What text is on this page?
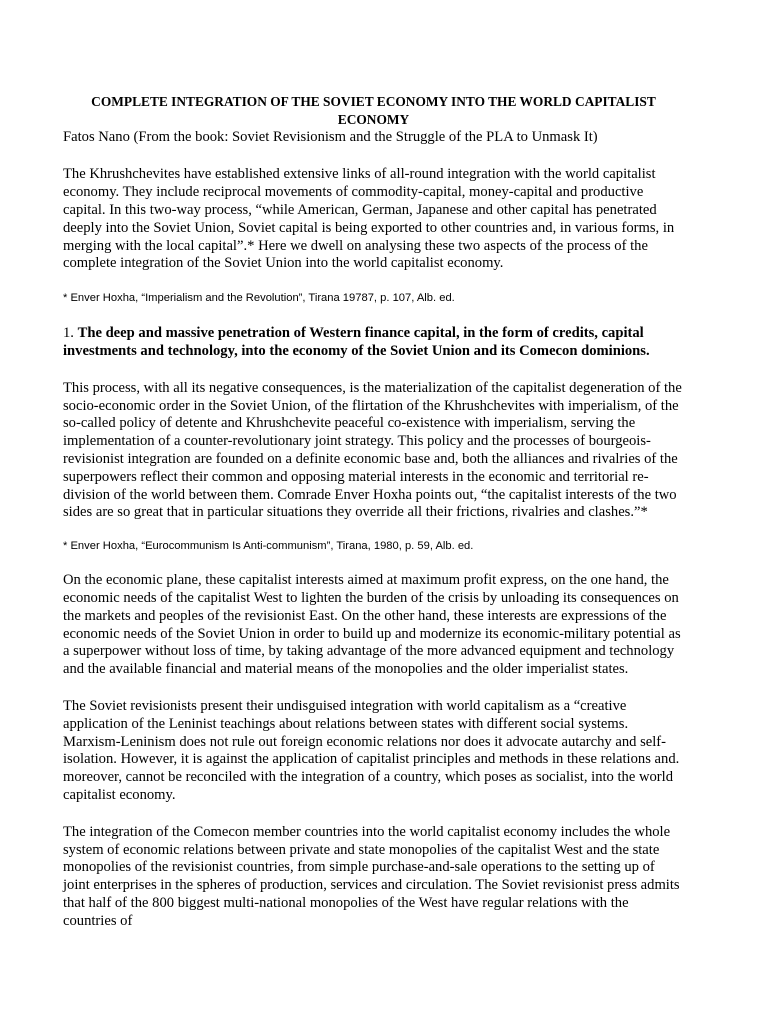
COMPLETE INTEGRATION OF THE SOVIET ECONOMY INTO THE WORLD CAPITALIST ECONOMY

Fatos Nano (From the book: Soviet Revisionism and the Struggle of the PLA to Unmask It)

The Khrushchevites have established extensive links of all-round integration with the world capitalist economy. They include reciprocal movements of commodity-capital, money-capital and productive capital. In this two-way process, “while American, German, Japanese and other capital has penetrated deeply into the Soviet Union, Soviet capital is being exported to other countries and, in various forms, in merging with the local capital”.* Here we dwell on analysing these two aspects of the process of the complete integration of the Soviet Union into the world capitalist economy.

* Enver Hoxha, “Imperialism and the Revolution”, Tirana 19787, p. 107, Alb. ed.

1. The deep and massive penetration of Western finance capital, in the form of credits, capital investments and technology, into the economy of the Soviet Union and its Comecon dominions.

This process, with all its negative consequences, is the materialization of the capitalist degeneration of the socio-economic order in the Soviet Union, of the flirtation of the Khrushchevites with imperialism, of the so-called policy of detente and Khrushchevite peaceful co-existence with imperialism, serving the implementation of a counter-revolutionary joint strategy. This policy and the processes of bourgeois-revisionist integration are founded on a definite economic base and, both the alliances and rivalries of the superpowers reflect their common and opposing material interests in the economic and territorial re-division of the world between them. Comrade Enver Hoxha points out, “the capitalist interests of the two sides are so great that in particular situations they override all their frictions, rivalries and clashes.”*

* Enver Hoxha, “Eurocommunism Is Anti-communism”, Tirana, 1980, p. 59, Alb. ed.

On the economic plane, these capitalist interests aimed at maximum profit express, on the one hand, the economic needs of the capitalist West to lighten the burden of the crisis by unloading its consequences on the markets and peoples of the revisionist East. On the other hand, these interests are expressions of the economic needs of the Soviet Union in order to build up and modernize its economic-military potential as a superpower without loss of time, by taking advantage of the more advanced equipment and technology and the available financial and material means of the monopolies and the older imperialist states.

The Soviet revisionists present their undisguised integration with world capitalism as a “creative application of the Leninist teachings about relations between states with different social systems. Marxism-Leninism does not rule out foreign economic relations nor does it advocate autarchy and self-isolation. However, it is against the application of capitalist principles and methods in these relations and. moreover, cannot be reconciled with the integration of a country, which poses as socialist, into the world capitalist economy.

The integration of the Comecon member countries into the world capitalist economy includes the whole system of economic relations between private and state monopolies of the capitalist West and the state monopolies of the revisionist countries, from simple purchase-and-sale operations to the setting up of joint enterprises in the spheres of production, services and circulation. The Soviet revisionist press admits that half of the 800 biggest multi-national monopolies of the West have regular relations with the countries of
